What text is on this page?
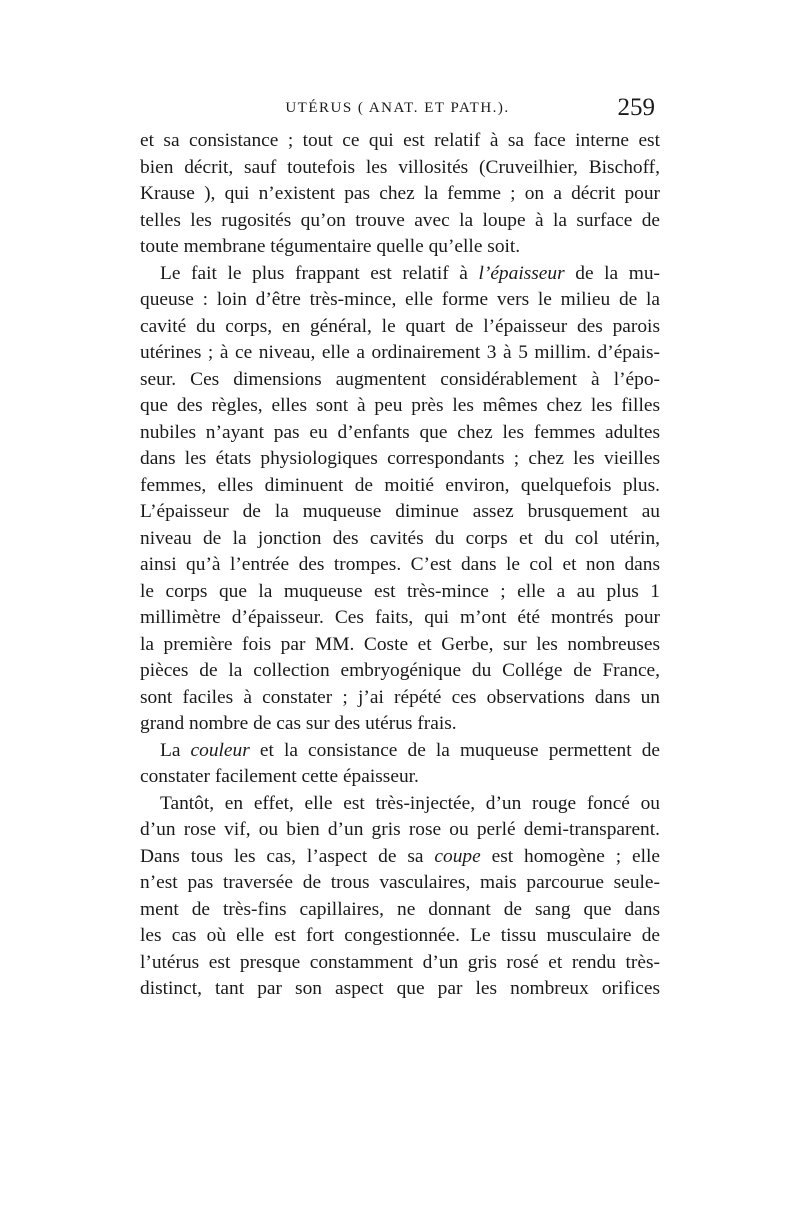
UTÉRUS ( ANAT. ET PATH.).	259
et sa consistance ; tout ce qui est relatif à sa face interne est
bien décrit, sauf toutefois les villosités (Cruveilhier, Bischoff,
Krause ), qui n’existent pas chez la femme ; on a décrit pour
telles les rugosités qu’on trouve avec la loupe à la surface de
toute membrane tégumentaire quelle qu’elle soit.
Le fait le plus frappant est relatif à l’épaisseur de la mu-
queuse : loin d’être très-mince, elle forme vers le milieu de la
cavité du corps, en général, le quart de l’épaisseur des parois
utérines ; à ce niveau, elle a ordinairement 3 à 5 millim. d’épais-
seur. Ces dimensions augmentent considérablement à l’épo-
que des règles, elles sont à peu près les mêmes chez les filles
nubiles n’ayant pas eu d’enfants que chez les femmes adultes
dans les états physiologiques correspondants ; chez les vieilles
femmes, elles diminuent de moitié environ, quelquefois plus.
L’épaisseur de la muqueuse diminue assez brusquement au
niveau de la jonction des cavités du corps et du col utérin,
ainsi qu’à l’entrée des trompes. C’est dans le col et non dans
le corps que la muqueuse est très-mince ; elle a au plus 1
millimètre d’épaisseur. Ces faits, qui m’ont été montrés pour
la première fois par MM. Coste et Gerbe, sur les nombreuses
pièces de la collection embryogénique du Collége de France,
sont faciles à constater ; j’ai répété ces observations dans un
grand nombre de cas sur des utérus frais.
La couleur et la consistance de la muqueuse permettent de
constater facilement cette épaisseur.
Tantôt, en effet, elle est très-injectée, d’un rouge foncé ou
d’un rose vif, ou bien d’un gris rose ou perlé demi-transparent.
Dans tous les cas, l’aspect de sa coupe est homogène ; elle
n’est pas traversée de trous vasculaires, mais parcourue seule-
ment de très-fins capillaires, ne donnant de sang que dans
les cas où elle est fort congestionnée. Le tissu musculaire de
l’utérus est presque constamment d’un gris rosé et rendu très-
distinct, tant par son aspect que par les nombreux orifices
